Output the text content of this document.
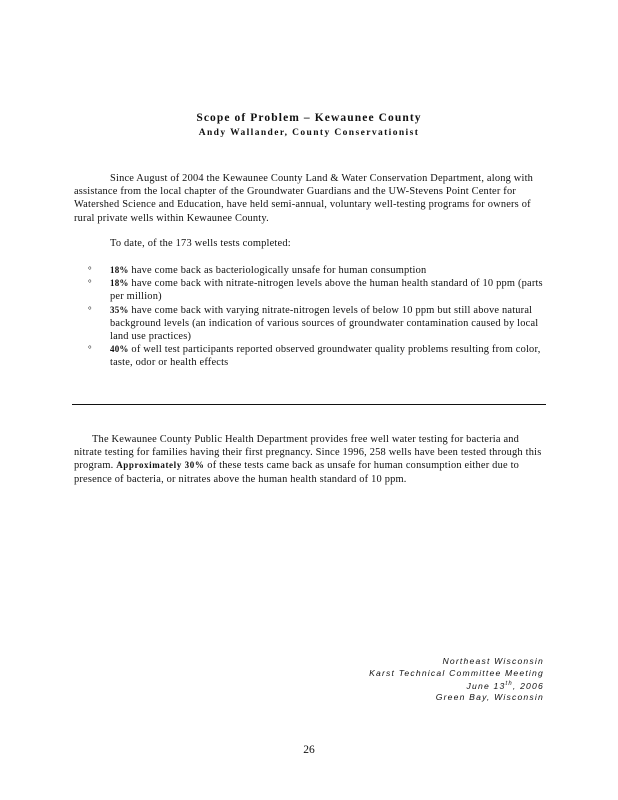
Scope of Problem – Kewaunee County
Andy Wallander, County Conservationist
Since August of 2004 the Kewaunee County Land & Water Conservation Department, along with assistance from the local chapter of the Groundwater Guardians and the UW-Stevens Point Center for Watershed Science and Education, have held semi-annual, voluntary well-testing programs for owners of rural private wells within Kewaunee County.
To date, of the 173 wells tests completed:
° 18% have come back as bacteriologically unsafe for human consumption
° 18% have come back with nitrate-nitrogen levels above the human health standard of 10 ppm (parts per million)
° 35% have come back with varying nitrate-nitrogen levels of below 10 ppm but still above natural background levels (an indication of various sources of groundwater contamination caused by local land use practices)
° 40% of well test participants reported observed groundwater quality problems resulting from color, taste, odor or health effects
The Kewaunee County Public Health Department provides free well water testing for bacteria and nitrate testing for families having their first pregnancy. Since 1996, 258 wells have been tested through this program. Approximately 30% of these tests came back as unsafe for human consumption either due to presence of bacteria, or nitrates above the human health standard of 10 ppm.
Northeast Wisconsin
Karst Technical Committee Meeting
June 13th, 2006
Green Bay, Wisconsin
26
